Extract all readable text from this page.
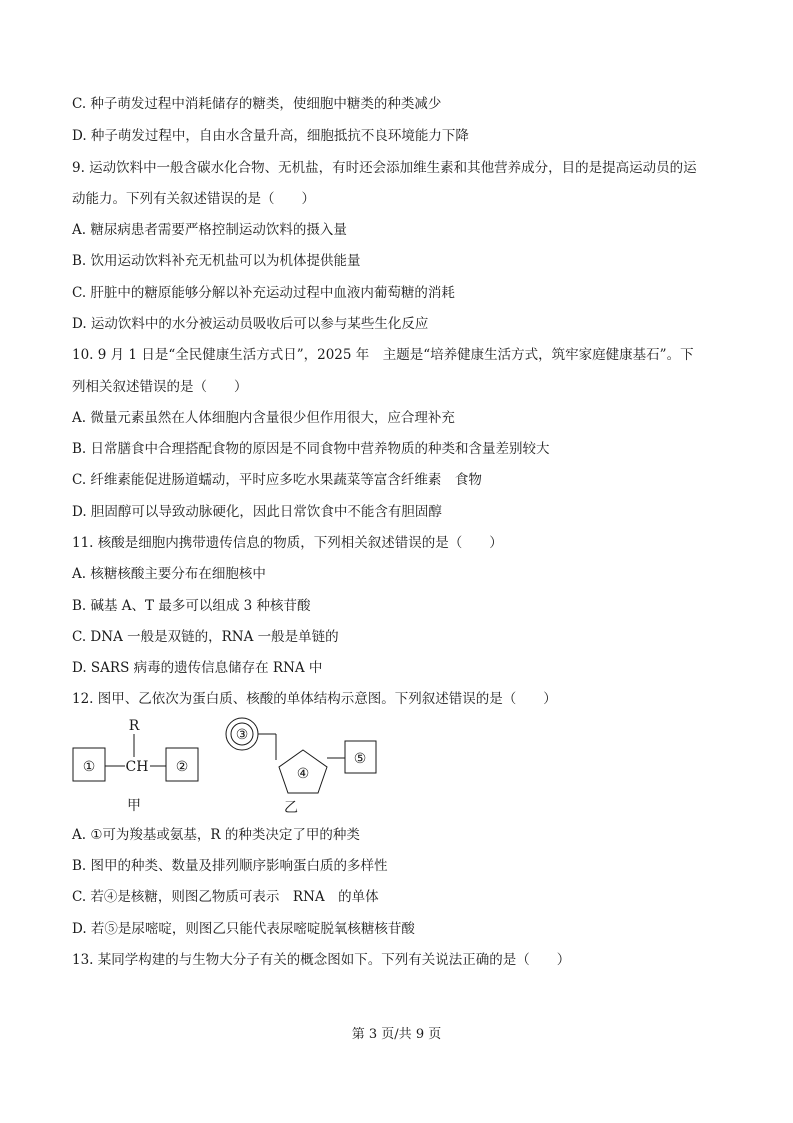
C. 种子萌发过程中消耗储存的糖类，使细胞中糖类的种类减少
D. 种子萌发过程中，自由水含量升高，细胞抵抗不良环境能力下降
9. 运动饮料中一般含碳水化合物、无机盐，有时还会添加维生素和其他营养成分，目的是提高运动员的运
动能力。下列有关叙述错误的是（　　）
A. 糖尿病患者需要严格控制运动饮料的摄入量
B. 饮用运动饮料补充无机盐可以为机体提供能量
C. 肝脏中的糖原能够分解以补充运动过程中血液内葡萄糖的消耗
D. 运动饮料中的水分被运动员吸收后可以参与某些生化反应
10. 9 月 1 日是“全民健康生活方式日”，2025 年　主题是“培养健康生活方式，筑牢家庭健康基石”。下
列相关叙述错误的是（　　）
A. 微量元素虽然在人体细胞内含量很少但作用很大，应合理补充
B. 日常膳食中合理搭配食物的原因是不同食物中营养物质的种类和含量差别较大
C. 纤维素能促进肠道蠕动，平时应多吃水果蔬菜等富含纤维素　食物
D. 胆固醇可以导致动脉硬化，因此日常饮食中不能含有胆固醇
11. 核酸是细胞内携带遗传信息的物质，下列相关叙述错误的是（　　）
A. 核糖核酸主要分布在细胞核中
B. 碱基 A、T 最多可以组成 3 种核苷酸
C. DNA 一般是双链的，RNA 一般是单链的
D. SARS 病毒的遗传信息储存在 RNA 中
12. 图甲、乙依次为蛋白质、核酸的单体结构示意图。下列叙述错误的是（　　）
①
R
CH ②
甲
③
④
⑤
乙
A. ①可为羧基或氨基，R 的种类决定了甲的种类
B. 图甲的种类、数量及排列顺序影响蛋白质的多样性
C. 若④是核糖，则图乙物质可表示　RNA　的单体
D. 若⑤是尿嘧啶，则图乙只能代表尿嘧啶脱氧核糖核苷酸
13. 某同学构建的与生物大分子有关的概念图如下。下列有关说法正确的是（　　）
第 3 页/共 9 页
